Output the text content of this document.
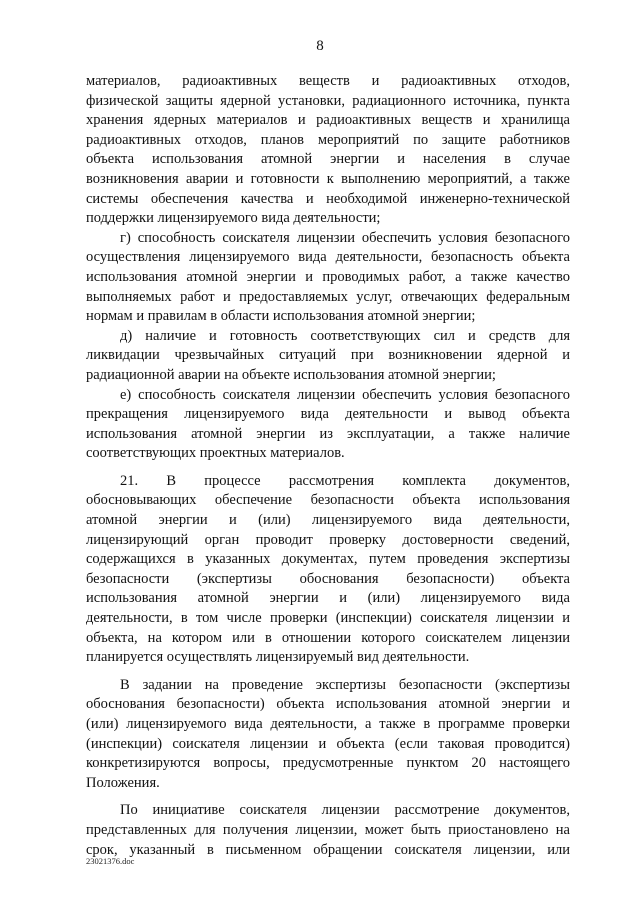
8
материалов, радиоактивных веществ и радиоактивных отходов,
физической защиты ядерной установки, радиационного источника, пункта
хранения ядерных материалов и радиоактивных веществ и хранилища
радиоактивных отходов, планов мероприятий по защите работников
объекта использования атомной энергии и населения в случае
возникновения аварии и готовности к выполнению мероприятий, а также
системы обеспечения качества и необходимой инженерно-технической
поддержки лицензируемого вида деятельности;
г) способность соискателя лицензии обеспечить условия безопасного
осуществления лицензируемого вида деятельности, безопасность объекта
использования атомной энергии и проводимых работ, а также качество
выполняемых работ и предоставляемых услуг, отвечающих федеральным
нормам и правилам в области использования атомной энергии;
д) наличие и готовность соответствующих сил и средств для
ликвидации чрезвычайных ситуаций при возникновении ядерной и
радиационной аварии на объекте использования атомной энергии;
е) способность соискателя лицензии обеспечить условия безопасного
прекращения лицензируемого вида деятельности и вывод объекта
использования атомной энергии из эксплуатации, а также наличие
соответствующих проектных материалов.
21. В процессе рассмотрения комплекта документов,
обосновывающих обеспечение безопасности объекта использования
атомной энергии и (или) лицензируемого вида деятельности,
лицензирующий орган проводит проверку достоверности сведений,
содержащихся в указанных документах, путем проведения экспертизы
безопасности (экспертизы обоснования безопасности) объекта
использования атомной энергии и (или) лицензируемого вида
деятельности, в том числе проверки (инспекции) соискателя лицензии и
объекта, на котором или в отношении которого соискателем лицензии
планируется осуществлять лицензируемый вид деятельности.
В задании на проведение экспертизы безопасности (экспертизы
обоснования безопасности) объекта использования атомной энергии и
(или) лицензируемого вида деятельности, а также в программе проверки
(инспекции) соискателя лицензии и объекта (если таковая проводится)
конкретизируются вопросы, предусмотренные пунктом 20 настоящего
Положения.
По инициативе соискателя лицензии рассмотрение документов,
представленных для получения лицензии, может быть приостановлено на
срок, указанный в письменном обращении соискателя лицензии, или
23021376.doc
